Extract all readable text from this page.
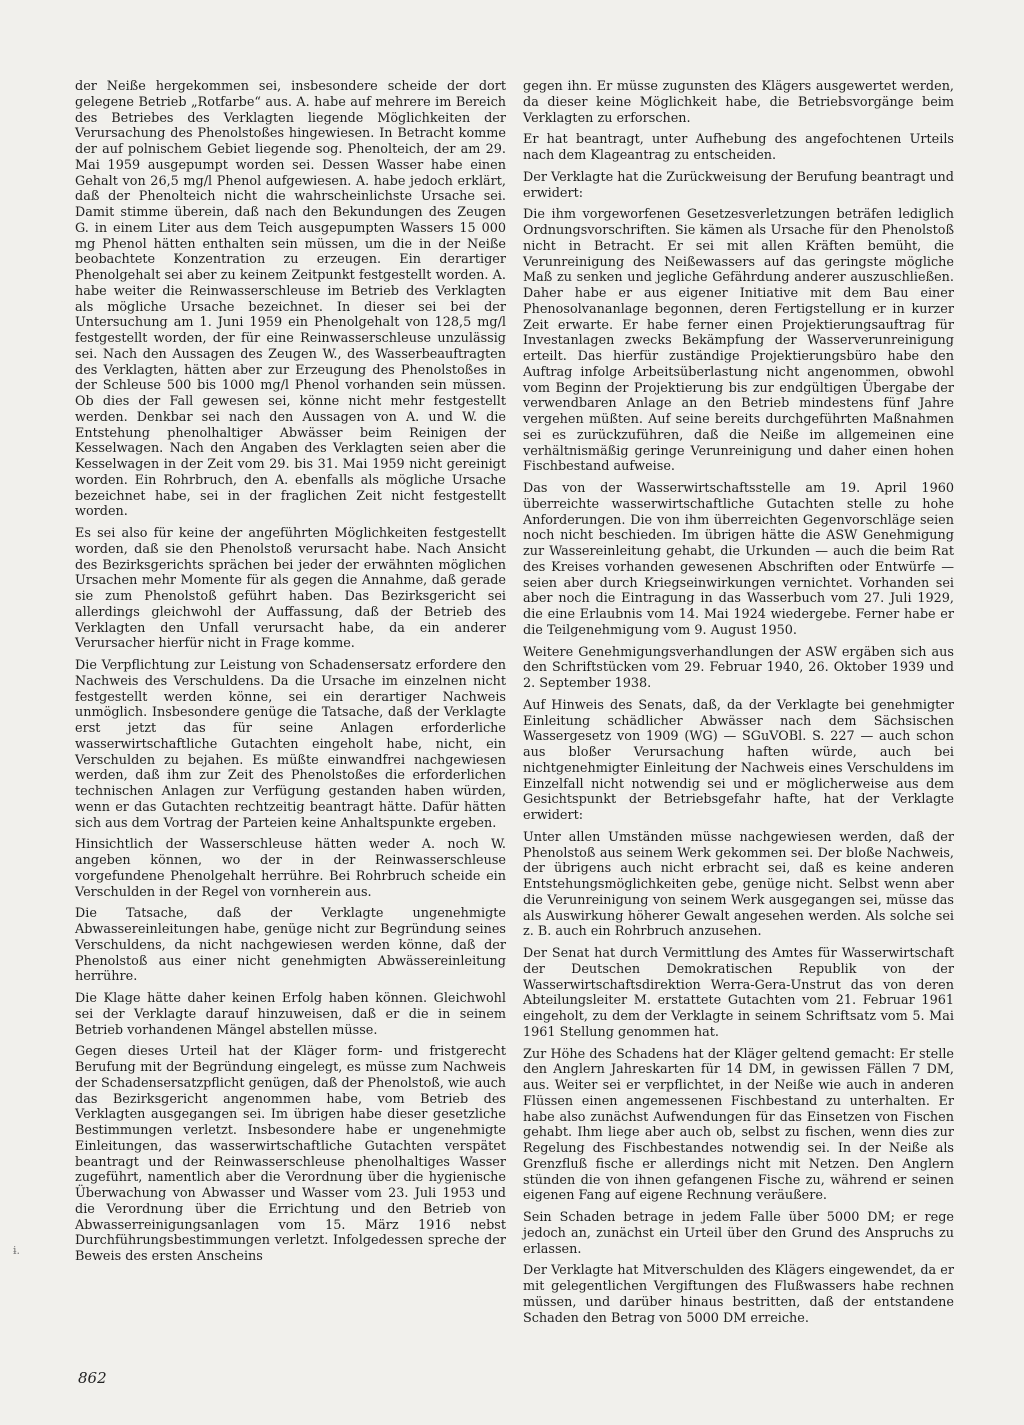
der Neiße hergekommen sei, insbesondere scheide der dort gelegene Betrieb „Rotfarbe“ aus. A. habe auf mehrere im Bereich des Betriebes des Verklagten liegende Möglichkeiten der Verursachung des Phenolstoßes hingewiesen. In Betracht komme der auf polnischem Gebiet liegende sog. Phenolteich, der am 29. Mai 1959 ausgepumpt worden sei. Dessen Wasser habe einen Gehalt von 26,5 mg/l Phenol aufgewiesen. A. habe jedoch erklärt, daß der Phenolteich nicht die wahrscheinlichste Ursache sei. Damit stimme überein, daß nach den Bekundungen des Zeugen G. in einem Liter aus dem Teich ausgepumpten Wassers 15 000 mg Phenol hätten enthalten sein müssen, um die in der Neiße beobachtete Konzentration zu erzeugen. Ein derartiger Phenolgehalt sei aber zu keinem Zeitpunkt festgestellt worden. A. habe weiter die Reinwasserschleuse im Betrieb des Verklagten als mögliche Ursache bezeichnet. In dieser sei bei der Untersuchung am 1. Juni 1959 ein Phenolgehalt von 128,5 mg/l festgestellt worden, der für eine Reinwasserschleuse unzulässig sei. Nach den Aussagen des Zeugen W., des Wasserbeauftragten des Verklagten, hätten aber zur Erzeugung des Phenolstoßes in der Schleuse 500 bis 1000 mg/l Phenol vorhanden sein müssen. Ob dies der Fall gewesen sei, könne nicht mehr festgestellt werden. Denkbar sei nach den Aussagen von A. und W. die Entstehung phenolhaltiger Abwässer beim Reinigen der Kesselwagen. Nach den Angaben des Verklagten seien aber die Kesselwagen in der Zeit vom 29. bis 31. Mai 1959 nicht gereinigt worden. Ein Rohrbruch, den A. ebenfalls als mögliche Ursache bezeichnet habe, sei in der fraglichen Zeit nicht festgestellt worden.

Es sei also für keine der angeführten Möglichkeiten festgestellt worden, daß sie den Phenolstoß verursacht habe. Nach Ansicht des Bezirksgerichts sprächen bei jeder der erwähnten möglichen Ursachen mehr Momente für als gegen die Annahme, daß gerade sie zum Phenolstoß geführt haben. Das Bezirksgericht sei allerdings gleichwohl der Auffassung, daß der Betrieb des Verklagten den Unfall verursacht habe, da ein anderer Verursacher hierfür nicht in Frage komme.

Die Verpflichtung zur Leistung von Schadensersatz erfordere den Nachweis des Verschuldens. Da die Ursache im einzelnen nicht festgestellt werden könne, sei ein derartiger Nachweis unmöglich. Insbesondere genüge die Tatsache, daß der Verklagte erst jetzt das für seine Anlagen erforderliche wasserwirtschaftliche Gutachten eingeholt habe, nicht, ein Verschulden zu bejahen. Es müßte einwandfrei nachgewiesen werden, daß ihm zur Zeit des Phenolstoßes die erforderlichen technischen Anlagen zur Verfügung gestanden haben würden, wenn er das Gutachten rechtzeitig beantragt hätte. Dafür hätten sich aus dem Vortrag der Parteien keine Anhaltspunkte ergeben.

Hinsichtlich der Wasserschleuse hätten weder A. noch W. angeben können, wo der in der Reinwasserschleuse vorgefundene Phenolgehalt herrühre. Bei Rohrbruch scheide ein Verschulden in der Regel von vornherein aus.

Die Tatsache, daß der Verklagte ungenehmigte Abwassereinleitungen habe, genüge nicht zur Begründung seines Verschuldens, da nicht nachgewiesen werden könne, daß der Phenolstoß aus einer nicht genehmigten Abwässereinleitung herrühre.

Die Klage hätte daher keinen Erfolg haben können. Gleichwohl sei der Verklagte darauf hinzuweisen, daß er die in seinem Betrieb vorhandenen Mängel abstellen müsse.

Gegen dieses Urteil hat der Kläger form- und fristgerecht Berufung mit der Begründung eingelegt, es müsse zum Nachweis der Schadensersatzpflicht genügen, daß der Phenolstoß, wie auch das Bezirksgericht angenommen habe, vom Betrieb des Verklagten ausgegangen sei. Im übrigen habe dieser gesetzliche Bestimmungen verletzt. Insbesondere habe er ungenehmigte Einleitungen, das wasserwirtschaftliche Gutachten verspätet beantragt und der Reinwasserschleuse phenolhaltiges Wasser zugeführt, namentlich aber die Verordnung über die hygienische Überwachung von Abwasser und Wasser vom 23. Juli 1953 und die Verordnung über die Errichtung und den Betrieb von Abwasserreinigungsanlagen vom 15. März 1916 nebst Durchführungsbestimmungen verletzt. Infolgedessen spreche der Beweis des ersten Anscheins

gegen ihn. Er müsse zugunsten des Klägers ausgewertet werden, da dieser keine Möglichkeit habe, die Betriebsvorgänge beim Verklagten zu erforschen.

Er hat beantragt, unter Aufhebung des angefochtenen Urteils nach dem Klageantrag zu entscheiden.

Der Verklagte hat die Zurückweisung der Berufung beantragt und erwidert:

Die ihm vorgeworfenen Gesetzesverletzungen beträfen lediglich Ordnungsvorschriften. Sie kämen als Ursache für den Phenolstoß nicht in Betracht. Er sei mit allen Kräften bemüht, die Verunreinigung des Neißewassers auf das geringste mögliche Maß zu senken und jegliche Gefährdung anderer auszuschließen. Daher habe er aus eigener Initiative mit dem Bau einer Phenosolvananlage begonnen, deren Fertigstellung er in kurzer Zeit erwarte. Er habe ferner einen Projektierungsauftrag für Investanlagen zwecks Bekämpfung der Wasserverunreinigung erteilt. Das hierfür zuständige Projektierungsbüro habe den Auftrag infolge Arbeitsüberlastung nicht angenommen, obwohl vom Beginn der Projektierung bis zur endgültigen Übergabe der verwendbaren Anlage an den Betrieb mindestens fünf Jahre vergehen müßten. Auf seine bereits durchgeführten Maßnahmen sei es zurückzuführen, daß die Neiße im allgemeinen eine verhältnismäßig geringe Verunreinigung und daher einen hohen Fischbestand aufweise.

Das von der Wasserwirtschaftsstelle am 19. April 1960 überreichte wasserwirtschaftliche Gutachten stelle zu hohe Anforderungen. Die von ihm überreichten Gegenvorschläge seien noch nicht beschieden. Im übrigen hätte die ASW Genehmigung zur Wassereinleitung gehabt, die Urkunden — auch die beim Rat des Kreises vorhanden gewesenen Abschriften oder Entwürfe — seien aber durch Kriegseinwirkungen vernichtet. Vorhanden sei aber noch die Eintragung in das Wasserbuch vom 27. Juli 1929, die eine Erlaubnis vom 14. Mai 1924 wiedergebe. Ferner habe er die Teilgenehmigung vom 9. August 1950.

Weitere Genehmigungsverhandlungen der ASW ergäben sich aus den Schriftstücken vom 29. Februar 1940, 26. Oktober 1939 und 2. September 1938.

Auf Hinweis des Senats, daß, da der Verklagte bei genehmigter Einleitung schädlicher Abwässer nach dem Sächsischen Wassergesetz von 1909 (WG) — SGuVOBl. S. 227 — auch schon aus bloßer Verursachung haften würde, auch bei nichtgenehmigter Einleitung der Nachweis eines Verschuldens im Einzelfall nicht notwendig sei und er möglicherweise aus dem Gesichtspunkt der Betriebsgefahr hafte, hat der Verklagte erwidert:

Unter allen Umständen müsse nachgewiesen werden, daß der Phenolstoß aus seinem Werk gekommen sei. Der bloße Nachweis, der übrigens auch nicht erbracht sei, daß es keine anderen Entstehungsmöglichkeiten gebe, genüge nicht. Selbst wenn aber die Verunreinigung von seinem Werk ausgegangen sei, müsse das als Auswirkung höherer Gewalt angesehen werden. Als solche sei z. B. auch ein Rohrbruch anzusehen.

Der Senat hat durch Vermittlung des Amtes für Wasserwirtschaft der Deutschen Demokratischen Republik von der Wasserwirtschaftsdirektion Werra-Gera-Unstrut das von deren Abteilungsleiter M. erstattete Gutachten vom 21. Februar 1961 eingeholt, zu dem der Verklagte in seinem Schriftsatz vom 5. Mai 1961 Stellung genommen hat.

Zur Höhe des Schadens hat der Kläger geltend gemacht: Er stelle den Anglern Jahreskarten für 14 DM, in gewissen Fällen 7 DM, aus. Weiter sei er verpflichtet, in der Neiße wie auch in anderen Flüssen einen angemessenen Fischbestand zu unterhalten. Er habe also zunächst Aufwendungen für das Einsetzen von Fischen gehabt. Ihm liege aber auch ob, selbst zu fischen, wenn dies zur Regelung des Fischbestandes notwendig sei. In der Neiße als Grenzfluß fische er allerdings nicht mit Netzen. Den Anglern stünden die von ihnen gefangenen Fische zu, während er seinen eigenen Fang auf eigene Rechnung veräußere.

Sein Schaden betrage in jedem Falle über 5000 DM; er rege jedoch an, zunächst ein Urteil über den Grund des Anspruchs zu erlassen.

Der Verklagte hat Mitverschulden des Klägers eingewendet, da er mit gelegentlichen Vergiftungen des Flußwassers habe rechnen müssen, und darüber hinaus bestritten, daß der entstandene Schaden den Betrag von 5000 DM erreiche.

ɨ.
862
